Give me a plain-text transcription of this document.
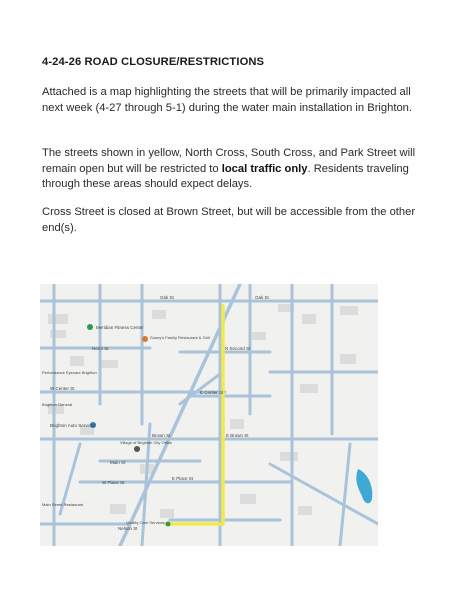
4-24-26 ROAD CLOSURE/RESTRICTIONS
Attached is a map highlighting the streets that will be primarily impacted all next week (4-27 through 5-1) during the water main installation in Brighton.
The streets shown in yellow, North Cross, South Cross, and Park Street will remain open but will be restricted to local traffic only. Residents traveling through these areas should expect delays.
Cross Street is closed at Brown Street, but will be accessible from the other end(s).
Oak St	Oak St
North St	N Second St
E Center St
W Center St
Brown St	E Brown St
Main St
W Place St
E Place St
Nelson St
Meridian Fitness Center
Sonny's Family Restaurant & Grill
Performance Eyecare Brighton
Brighton Auto Services
Village of Brighton City Office
Quality Care Services
Brighton General
Main Street Restaurant
